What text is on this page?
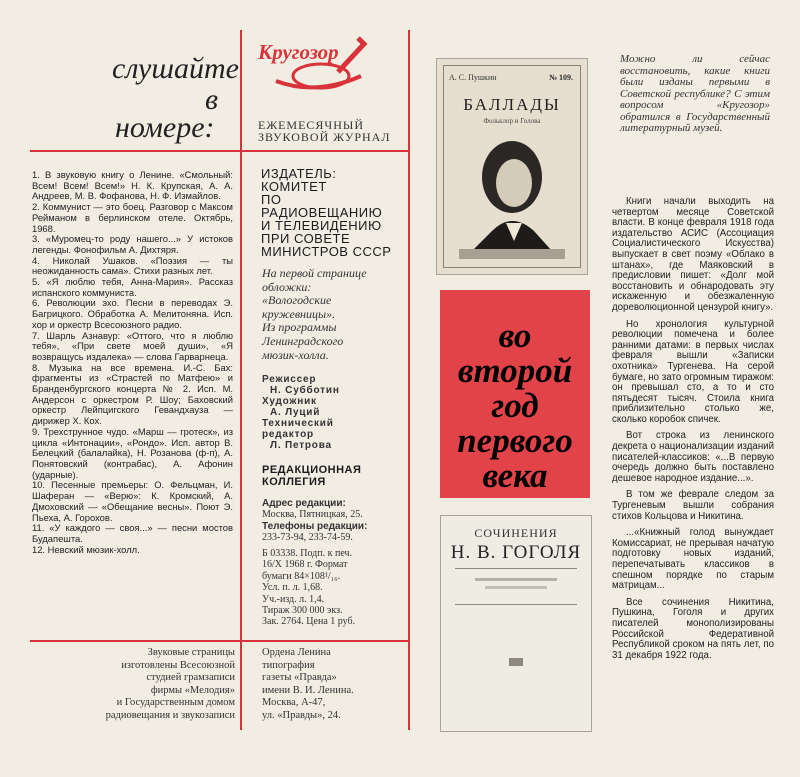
слушайте
в
номере:
Кругозор
ЕЖЕМЕСЯЧНЫЙ
ЗВУКОВОЙ ЖУРНАЛ
1. В звуковую книгу о Ленине. «Смольный: Всем! Всем! Всем!» Н. К. Крупская, А. А. Андреев, М. В. Фофанова, Н. Ф. Измайлов.
2. Коммунист — это боец. Разговор с Максом Рейманом в берлинском отеле. Октябрь, 1968.
3. «Муромец-то роду нашего...» У истоков легенды. Фонофильм А. Дихтяря.
4. Николай Ушаков. «Поэзия — ты неожиданность сама». Стихи разных лет.
5. «Я люблю тебя, Анна-Мария». Рассказ испанского коммуниста.
6. Революции эхо. Песни в переводах Э. Багрицкого. Обработка А. Мелитоняна. Исп. хор и оркестр Всесоюзного радио.
7. Шарль Азнавур: «Оттого, что я люблю тебя», «При свете моей души», «Я возвращусь издалека» — слова Гарварнеца.
8. Музыка на все времена. И.-С. Бах: фрагменты из «Страстей по Матфею» и Бранденбургского концерта № 2. Исп. М. Андерсон с оркестром Р. Шоу; Баховский оркестр Лейпцигского Гевандхауза — дирижер Х. Кох.
9. Трехструнное чудо. «Марш — гротеск», из цикла «Интонации», «Рондо». Исп. автор В. Белецкий (балалайка), Н. Розанова (ф-п), А. Понятовский (контрабас), А. Афонин (ударные).
10. Песенные премьеры: О. Фельцман, И. Шаферан — «Верю»: К. Кромский, А. Дмоховский — «Обещание весны». Поют Э. Пьеха, А. Горохов.
11. «У каждого — своя...» — песни мостов Будапешта.
12. Невский мюзик-холл.
ИЗДАТЕЛЬ:
КОМИТЕТ
ПО РАДИОВЕЩАНИЮ
И ТЕЛЕВИДЕНИЮ
ПРИ СОВЕТЕ
МИНИСТРОВ СССР
На первой странице
обложки:
«Вологодские
кружевницы».
Из программы
Ленинградского
мюзик-холла.
Режиссер
Н. Субботин
Художник
А. Луций
Технический
редактор
Л. Петрова
РЕДАКЦИОННАЯ
КОЛЛЕГИЯ
Адрес редакции:
Москва, Пятницкая, 25.
Телефоны редакции:
233-73-94, 233-74-59.
Б 03338. Подп. к печ.
16/X 1968 г. Формат
бумаги 84×108¹/₁₆.
Усл. п. л. 1,68.
Уч.-изд. л. 1,4.
Тираж 300 000 экз.
Зак. 2764. Цена 1 руб.
Звуковые страницы
изготовлены Всесоюзной
студией грамзаписи
фирмы «Мелодия»
и Государственным домом
радиовещания и звукозаписи
Ордена Ленина
типография
газеты «Правда»
имени В. И. Ленина.
Москва, А-47,
ул. «Правды», 24.
А. С. Пушкин	№ 109.
БАЛЛАДЫ
Фольклор и Голова
во
второй
год
первого
века
СОЧИНЕНИЯ
Н. В. ГОГОЛЯ
Можно ли сейчас восстановить, какие книги были изданы первыми в Советской республике? С этим вопросом «Кругозор» обратился в Государственный литературный музей.

Книги начали выходить на четвертом месяце Советской власти. В конце февраля 1918 года издательство АСИС (Ассоциация Социалистического Искусства) выпускает в свет поэму «Облако в штанах», где Маяковский в предисловии пишет: «Долг мой восстановить и обнародовать эту искаженную и обезжаленную дореволюционной цензурой книгу».

Но хронология культурной революции помечена и более ранними датами: в первых числах февраля вышли «Записки охотника» Тургенева. На серой бумаге, но зато огромным тиражом: он превышал сто, а то и сто пятьдесят тысяч. Стоила книга приблизительно столько же, сколько коробок спичек.

Вот строка из ленинского декрета о национализации изданий писателей-классиков: «...В первую очередь должно быть поставлено дешевое народное издание...».

В том же феврале следом за Тургеневым вышли собрания стихов Кольцова и Никитина.

...«Книжный голод вынуждает Комиссариат, не прерывая начатую подготовку новых изданий, перепечатывать классиков в спешном порядке по старым матрицам...

Все сочинения Никитина, Пушкина, Гоголя и других писателей монополизированы Российской Федеративной Республикой сроком на пять лет, по 31 декабря 1922 года.
